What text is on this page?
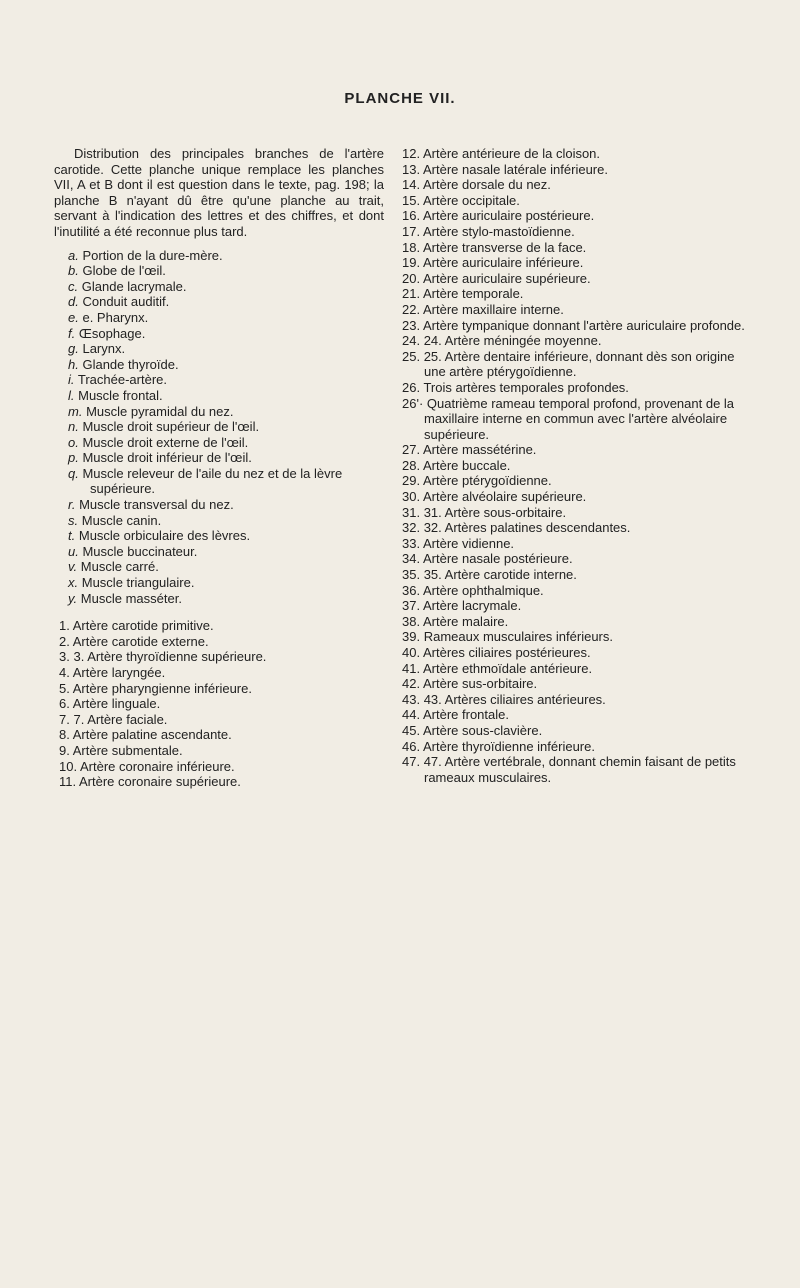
PLANCHE VII.

Distribution des principales branches de l'artère carotide. Cette planche unique remplace les planches VII, A et B dont il est question dans le texte, pag. 198; la planche B n'ayant dû être qu'une planche au trait, servant à l'indication des lettres et des chiffres, et dont l'inutilité a été reconnue plus tard.

a. Portion de la dure-mère.
b. Globe de l'œil.
c. Glande lacrymale.
d. Conduit auditif.
e. e. Pharynx.
f. Œsophage.
g. Larynx.
h. Glande thyroïde.
i. Trachée-artère.
l. Muscle frontal.
m. Muscle pyramidal du nez.
n. Muscle droit supérieur de l'œil.
o. Muscle droit externe de l'œil.
p. Muscle droit inférieur de l'œil.
q. Muscle releveur de l'aile du nez et de la lèvre supérieure.
r. Muscle transversal du nez.
s. Muscle canin.
t. Muscle orbiculaire des lèvres.
u. Muscle buccinateur.
v. Muscle carré.
x. Muscle triangulaire.
y. Muscle masséter.
1. Artère carotide primitive.
2. Artère carotide externe.
3. 3. Artère thyroïdienne supérieure.
4. Artère laryngée.
5. Artère pharyngienne inférieure.
6. Artère linguale.
7. 7. Artère faciale.
8. Artère palatine ascendante.
9. Artère submentale.
10. Artère coronaire inférieure.
11. Artère coronaire supérieure.
12. Artère antérieure de la cloison.
13. Artère nasale latérale inférieure.
14. Artère dorsale du nez.
15. Artère occipitale.
16. Artère auriculaire postérieure.
17. Artère stylo-mastoïdienne.
18. Artère transverse de la face.
19. Artère auriculaire inférieure.
20. Artère auriculaire supérieure.
21. Artère temporale.
22. Artère maxillaire interne.
23. Artère tympanique donnant l'artère auriculaire profonde.
24. 24. Artère méningée moyenne.
25. 25. Artère dentaire inférieure, donnant dès son origine une artère ptérygoïdienne.
26. Trois artères temporales profondes.
26'· Quatrième rameau temporal profond, provenant de la maxillaire interne en commun avec l'artère alvéolaire supérieure.
27. Artère massétérine.
28. Artère buccale.
29. Artère ptérygoïdienne.
30. Artère alvéolaire supérieure.
31. 31. Artère sous-orbitaire.
32. 32. Artères palatines descendantes.
33. Artère vidienne.
34. Artère nasale postérieure.
35. 35. Artère carotide interne.
36. Artère ophthalmique.
37. Artère lacrymale.
38. Artère malaire.
39. Rameaux musculaires inférieurs.
40. Artères ciliaires postérieures.
41. Artère ethmoïdale antérieure.
42. Artère sus-orbitaire.
43. 43. Artères ciliaires antérieures.
44. Artère frontale.
45. Artère sous-clavière.
46. Artère thyroïdienne inférieure.
47. 47. Artère vertébrale, donnant chemin faisant de petits rameaux musculaires.
